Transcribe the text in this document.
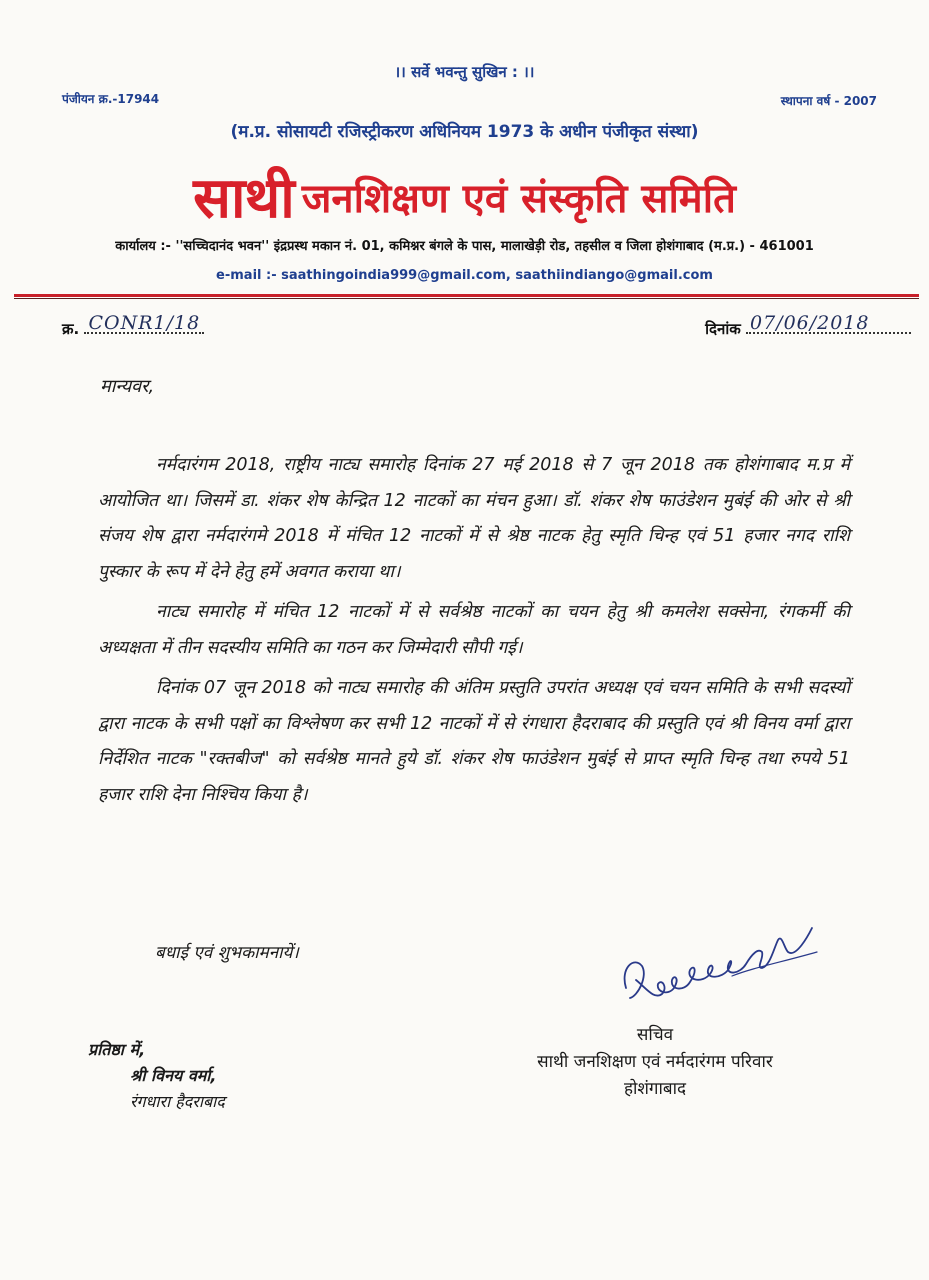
।। सर्वे भवन्तु सुखिन : ।।
पंजीयन क्र.-17944	स्थापना वर्ष - 2007
(म.प्र. सोसायटी रजिस्ट्रीकरण अधिनियम 1973 के अधीन पंजीकृत संस्था)
साथी जनशिक्षण एवं संस्कृति समिति
कार्यालय :- ''सच्चिदानंद भवन'' इंद्रप्रस्थ मकान नं. 01, कमिश्नर बंगले के पास, मालाखेड़ी रोड, तहसील व जिला होशंगाबाद (म.प्र.) - 461001
e-mail :- saathingoindia999@gmail.com, saathiindiango@gmail.com
क्र. CONR1/18	दिनांक 07/06/2018
मान्यवर,

नर्मदारंगम 2018, राष्ट्रीय नाट्य समारोह दिनांक 27 मई 2018 से 7 जून 2018 तक होशंगाबाद म.प्र में आयोजित था। जिसमें डा. शंकर शेष केन्द्रित 12 नाटकों का मंचन हुआ। डॉ. शंकर शेष फाउंडेशन मुबंई की ओर से श्री संजय शेष द्वारा नर्मदारंगमे 2018 में मंचित 12 नाटकों में से श्रेष्ठ नाटक हेतु स्मृति चिन्ह एवं 51 हजार नगद राशि पुस्कार के रूप में देने हेतु हमें अवगत कराया था।

नाट्य समारोह में मंचित 12 नाटकों में से सर्वश्रेष्ठ नाटकों का चयन हेतु श्री कमलेश सक्सेना, रंगकर्मी की अध्यक्षता में तीन सदस्यीय समिति का गठन कर जिम्मेदारी सौपी गई।

दिनांक 07 जून 2018 को नाट्य समारोह की अंतिम प्रस्तुति उपरांत अध्यक्ष एवं चयन समिति के सभी सदस्यों द्वारा नाटक के सभी पक्षों का विश्लेषण कर सभी 12 नाटकों में से रंगधारा हैदराबाद की प्रस्तुति एवं श्री विनय वर्मा द्वारा निर्देशित नाटक "रक्तबीज" को सर्वश्रेष्ठ मानते हुये डॉ. शंकर शेष फाउंडेशन मुबंई से प्राप्त स्मृति चिन्ह तथा रुपये 51 हजार राशि देना निश्चिय किया है।

बधाई एवं शुभकामनायें।
सचिव
साथी जनशिक्षण एवं नर्मदारंगम परिवार
होशंगाबाद
प्रतिष्ठा में,
श्री विनय वर्मा,
रंगधारा हैदराबाद
